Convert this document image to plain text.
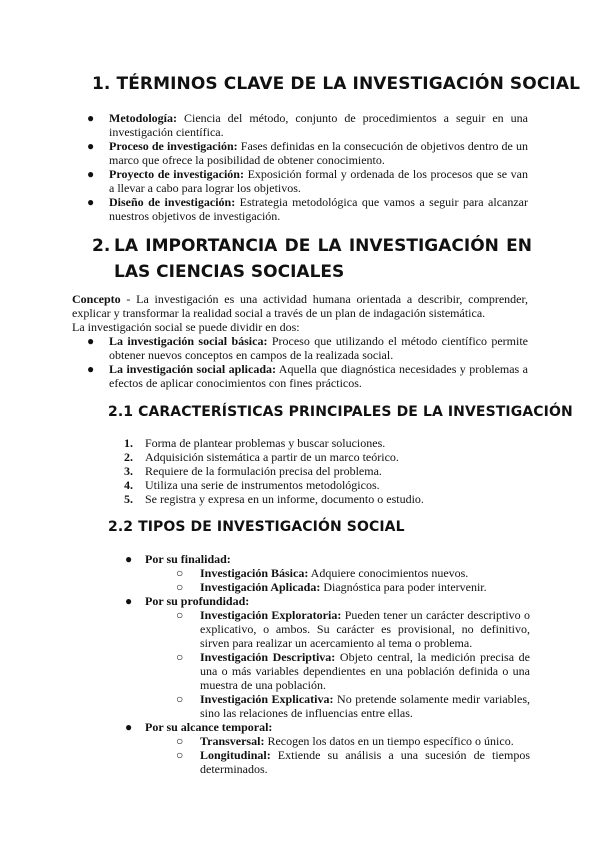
1. TÉRMINOS CLAVE DE LA INVESTIGACIÓN SOCIAL
● Metodología: Ciencia del método, conjunto de procedimientos a seguir en una investigación científica.
● Proceso de investigación: Fases definidas en la consecución de objetivos dentro de un marco que ofrece la posibilidad de obtener conocimiento.
● Proyecto de investigación: Exposición formal y ordenada de los procesos que se van a llevar a cabo para lograr los objetivos.
● Diseño de investigación: Estrategia metodológica que vamos a seguir para alcanzar nuestros objetivos de investigación.
2. LA IMPORTANCIA DE LA INVESTIGACIÓN EN LAS CIENCIAS SOCIALES

Concepto - La investigación es una actividad humana orientada a describir, comprender, explicar y transformar la realidad social a través de un plan de indagación sistemática.

La investigación social se puede dividir en dos:

● La investigación social básica: Proceso que utilizando el método científico permite obtener nuevos conceptos en campos de la realizada social.
● La investigación social aplicada: Aquella que diagnóstica necesidades y problemas a efectos de aplicar conocimientos con fines prácticos.
2.1 CARACTERÍSTICAS PRINCIPALES DE LA INVESTIGACIÓN
1. Forma de plantear problemas y buscar soluciones.
2. Adquisición sistemática a partir de un marco teórico.
3. Requiere de la formulación precisa del problema.
4. Utiliza una serie de instrumentos metodológicos.
5. Se registra y expresa en un informe, documento o estudio.
2.2 TIPOS DE INVESTIGACIÓN SOCIAL
● Por su finalidad:
○ Investigación Básica: Adquiere conocimientos nuevos.
○ Investigación Aplicada: Diagnóstica para poder intervenir.
● Por su profundidad:
○ Investigación Exploratoria: Pueden tener un carácter descriptivo o explicativo, o ambos. Su carácter es provisional, no definitivo, sirven para realizar un acercamiento al tema o problema.
○ Investigación Descriptiva: Objeto central, la medición precisa de una o más variables dependientes en una población definida o una muestra de una población.
○ Investigación Explicativa: No pretende solamente medir variables, sino las relaciones de influencias entre ellas.
● Por su alcance temporal:
○ Transversal: Recogen los datos en un tiempo específico o único.
○ Longitudinal: Extiende su análisis a una sucesión de tiempos determinados.
